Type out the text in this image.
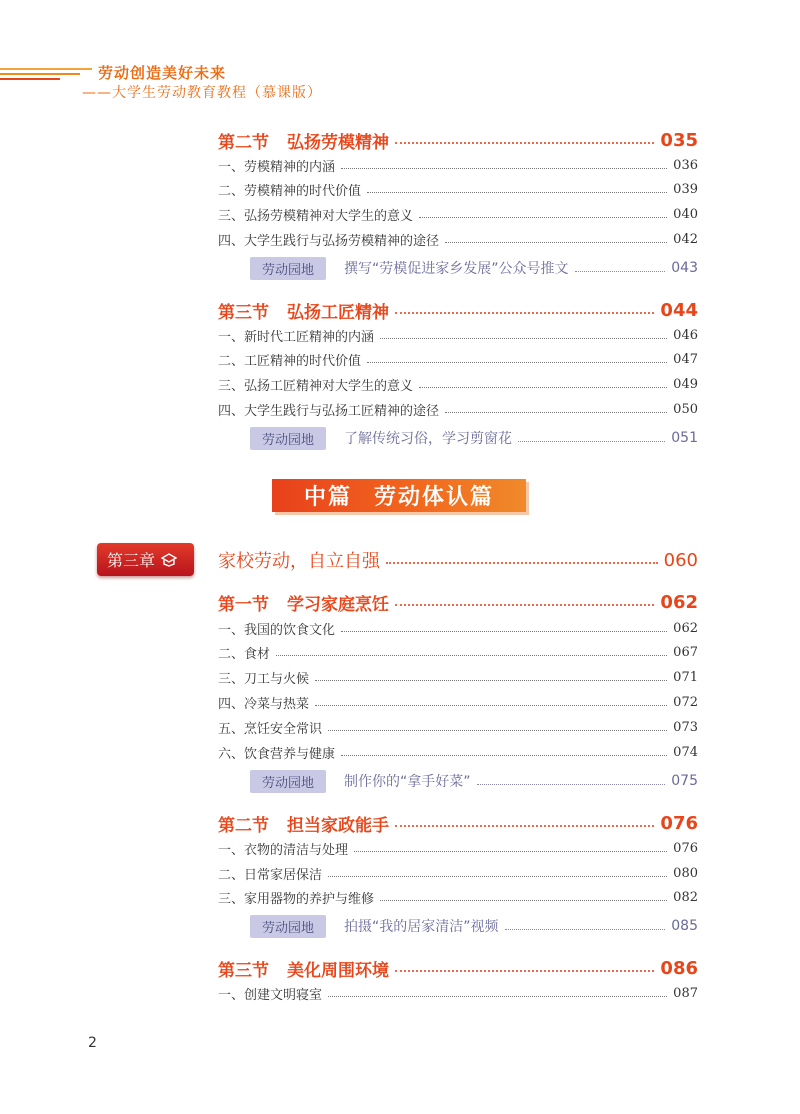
劳动创造美好未来
——大学生劳动教育教程（慕课版）
第二节 弘扬劳模精神	035
一、劳模精神的内涵	036
二、劳模精神的时代价值	039
三、弘扬劳模精神对大学生的意义	040
四、大学生践行与弘扬劳模精神的途径	042
劳动园地	撰写“劳模促进家乡发展”公众号推文	043
第三节 弘扬工匠精神	044
一、新时代工匠精神的内涵	046
二、工匠精神的时代价值	047
三、弘扬工匠精神对大学生的意义	049
四、大学生践行与弘扬工匠精神的途径	050
劳动园地	了解传统习俗，学习剪窗花	051
中篇 劳动体认篇
第三章	家校劳动，自立自强	060
第一节 学习家庭烹饪	062
一、我国的饮食文化	062
二、食材	067
三、刀工与火候	071
四、冷菜与热菜	072
五、烹饪安全常识	073
六、饮食营养与健康	074
劳动园地	制作你的“拿手好菜”	075
第二节 担当家政能手	076
一、衣物的清洁与处理	076
二、日常家居保洁	080
三、家用器物的养护与维修	082
劳动园地	拍摄“我的居家清洁”视频	085
第三节 美化周围环境	086
一、创建文明寝室	087
2
